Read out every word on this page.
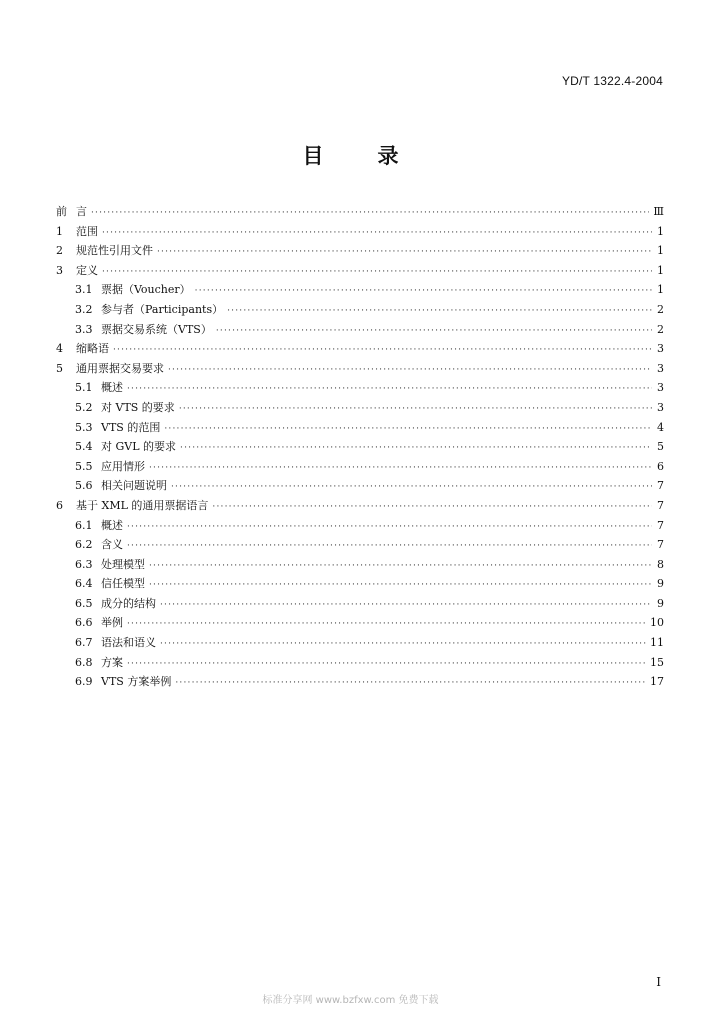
YD/T 1322.4-2004
目	录
前 言 ·····	Ⅲ
1	范围 ·····	1
2	规范性引用文件 ·····	1
3	定义 ·····	1
3.1 票据（Voucher） ·····	1
3.2 参与者（Participants） ·····	2
3.3 票据交易系统（VTS） ·····	2
4	缩略语 ·····	3
5	通用票据交易要求 ·····	3
5.1 概述 ·····	3
5.2 对 VTS 的要求 ·····	3
5.3 VTS 的范围 ·····	4
5.4 对 GVL 的要求 ·····	5
5.5 应用情形 ·····	6
5.6 相关问题说明 ·····	7
6	基于 XML 的通用票据语言 ·····	7
6.1 概述 ·····	7
6.2 含义 ·····	7
6.3 处理模型 ·····	8
6.4 信任模型 ·····	9
6.5 成分的结构 ·····	9
6.6 举例 ·····	10
6.7 语法和语义 ·····	11
6.8 方案 ·····	15
6.9 VTS 方案举例 ·····	17
I
标准分享网 www.bzfxw.com 免费下载
